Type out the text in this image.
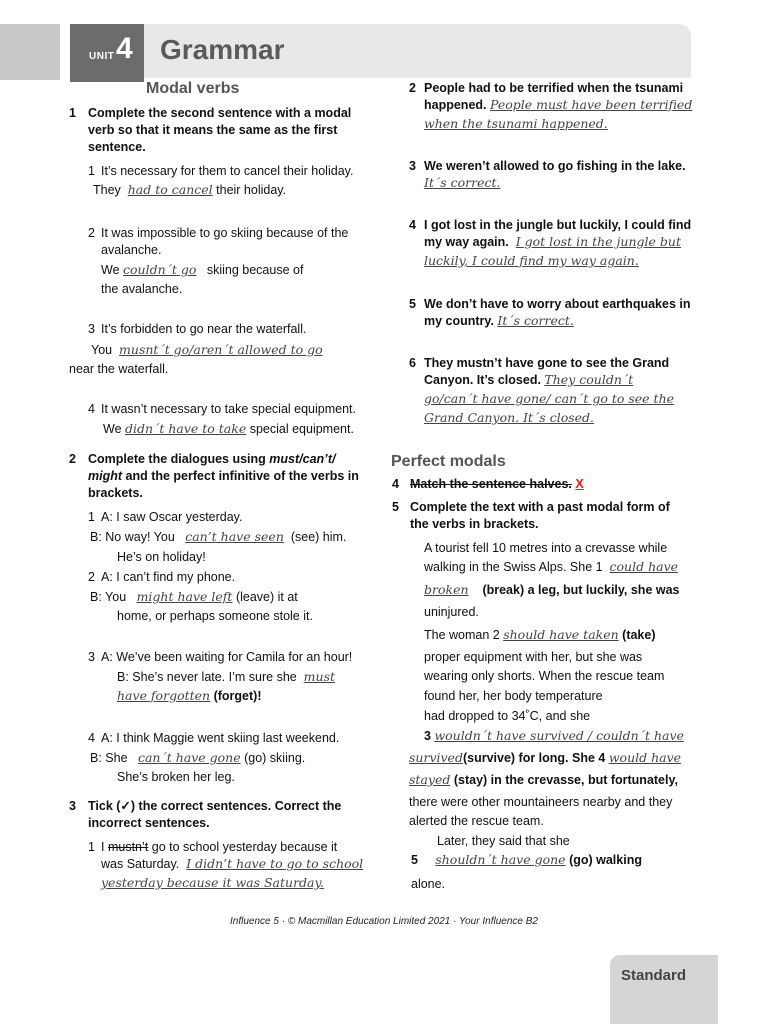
UNIT 4 Grammar
Modal verbs
1 Complete the second sentence with a modal
verb so that it means the same as the first
sentence.
1 It’s necessary for them to cancel their holiday.
They had to cancel their holiday.
2 It was impossible to go skiing because of the
avalanche.
We couldn´t go skiing because of
the avalanche.
3 It’s forbidden to go near the waterfall.
You musnt´t go/aren´t allowed to go
near the waterfall.
4 It wasn’t necessary to take special equipment.
We didn´t have to take special equipment.
2 Complete the dialogues using must/can’t/
might and the perfect infinitive of the verbs in
brackets.
1 A: I saw Oscar yesterday.
B: No way! You can’t have seen (see) him.
He’s on holiday!
2 A: I can’t find my phone.
B: You might have left (leave) it at
home, or perhaps someone stole it.
3 A: We’ve been waiting for Camila for an hour!
B: She’s never late. I’m sure she must
have forgotten (forget)!
4 A: I think Maggie went skiing last weekend.
B: She can´t have gone (go) skiing.
She’s broken her leg.
3 Tick (✓) the correct sentences. Correct the
incorrect sentences.
1 I mustn’t go to school yesterday because it
was Saturday. I didn’t have to go to school
yesterday because it was Saturday.
2 People had to be terrified when the tsunami
happened. People must have been terrified
when the tsunami happened.
3 We weren’t allowed to go fishing in the lake.
It´s correct.
4 I got lost in the jungle but luckily, I could find
my way again. I got lost in the jungle but
luckily, I could find my way again.
5 We don’t have to worry about earthquakes in
my country. It´s correct.
6 They mustn’t have gone to see the Grand
Canyon. It’s closed. They couldn´t
go/can´t have gone/ can´t go to see the
Grand Canyon. It´s closed.
Perfect modals
4 Match the sentence halves. X
5 Complete the text with a past modal form of
the verbs in brackets.
A tourist fell 10 metres into a crevasse while
walking in the Swiss Alps. She 1 could have
broken (break) a leg, but luckily, she was
uninjured.
The woman 2 should have taken (take)
proper equipment with her, but she was
wearing only shorts. When the rescue team
found her, her body temperature
had dropped to 34˚C, and she
3 wouldn´t have survived / couldn´t have
survived(survive) for long. She 4 would have
stayed (stay) in the crevasse, but fortunately,
there were other mountaineers nearby and they
alerted the rescue team.
Later, they said that she
5 shouldn´t have gone (go) walking
alone.
Influence 5 · © Macmillan Education Limited 2021 · Your Influence B2
Standard
